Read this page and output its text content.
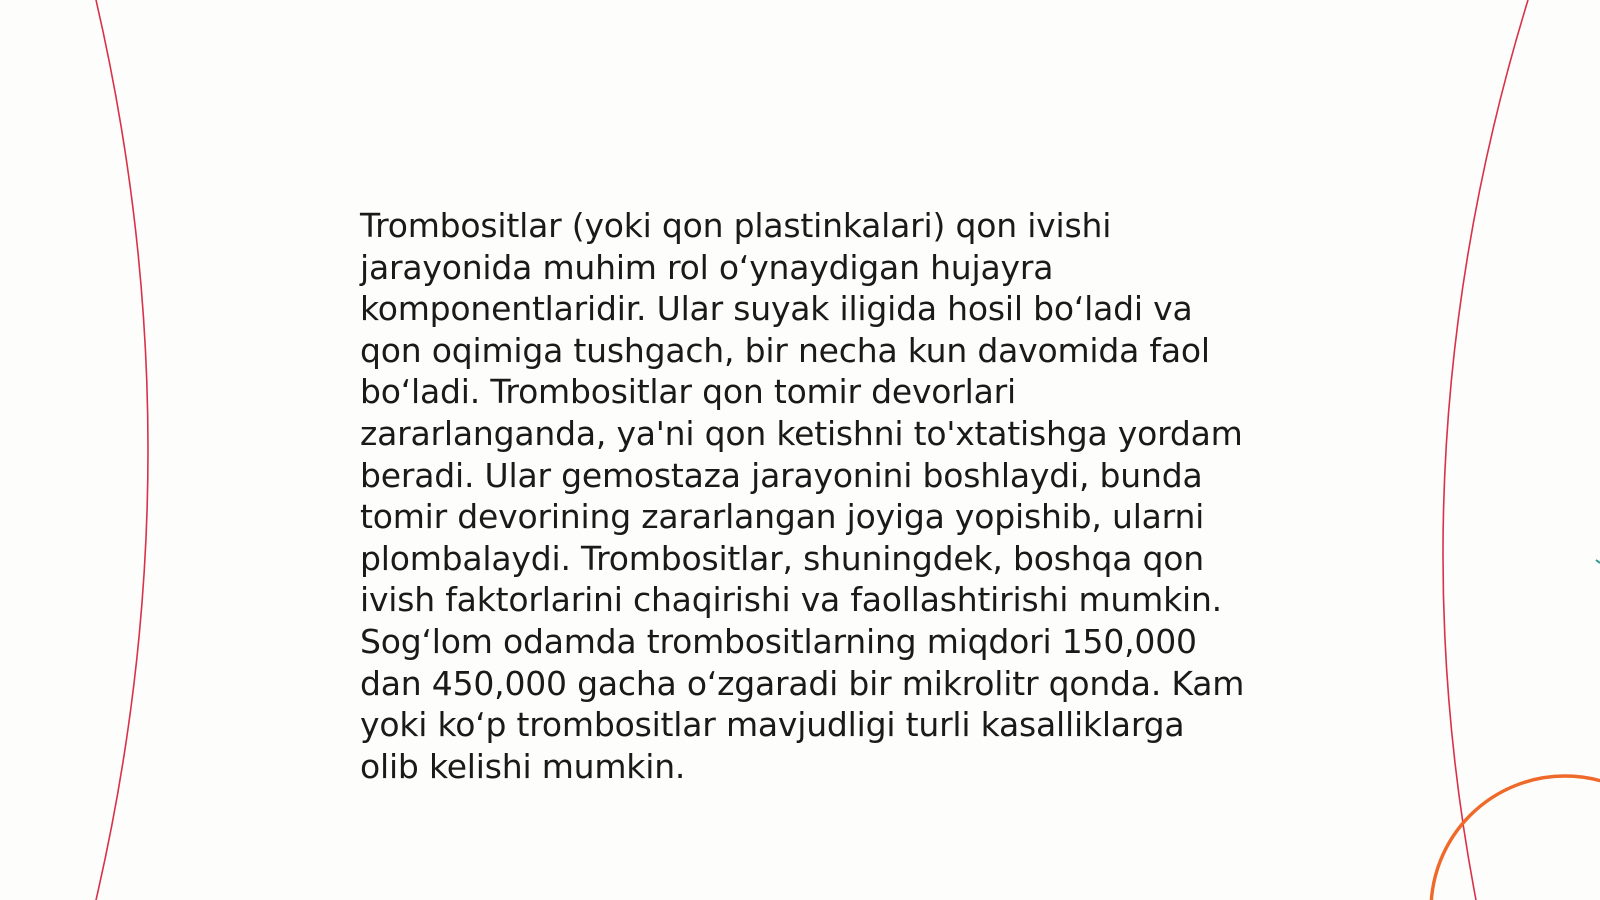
Trombositlar (yoki qon plastinkalari) qon ivishi
jarayonida muhim rol o‘ynaydigan hujayra
komponentlaridir. Ular suyak iligida hosil bo‘ladi va
qon oqimiga tushgach, bir necha kun davomida faol
bo‘ladi. Trombositlar qon tomir devorlari
zararlanganda, ya'ni qon ketishni to'xtatishga yordam
beradi. Ular gemostaza jarayonini boshlaydi, bunda
tomir devorining zararlangan joyiga yopishib, ularni
plombalaydi. Trombositlar, shuningdek, boshqa qon
ivish faktorlarini chaqirishi va faollashtirishi mumkin.
Sog‘lom odamda trombositlarning miqdori 150,000
dan 450,000 gacha o‘zgaradi bir mikrolitr qonda. Kam
yoki ko‘p trombositlar mavjudligi turli kasalliklarga
olib kelishi mumkin.
